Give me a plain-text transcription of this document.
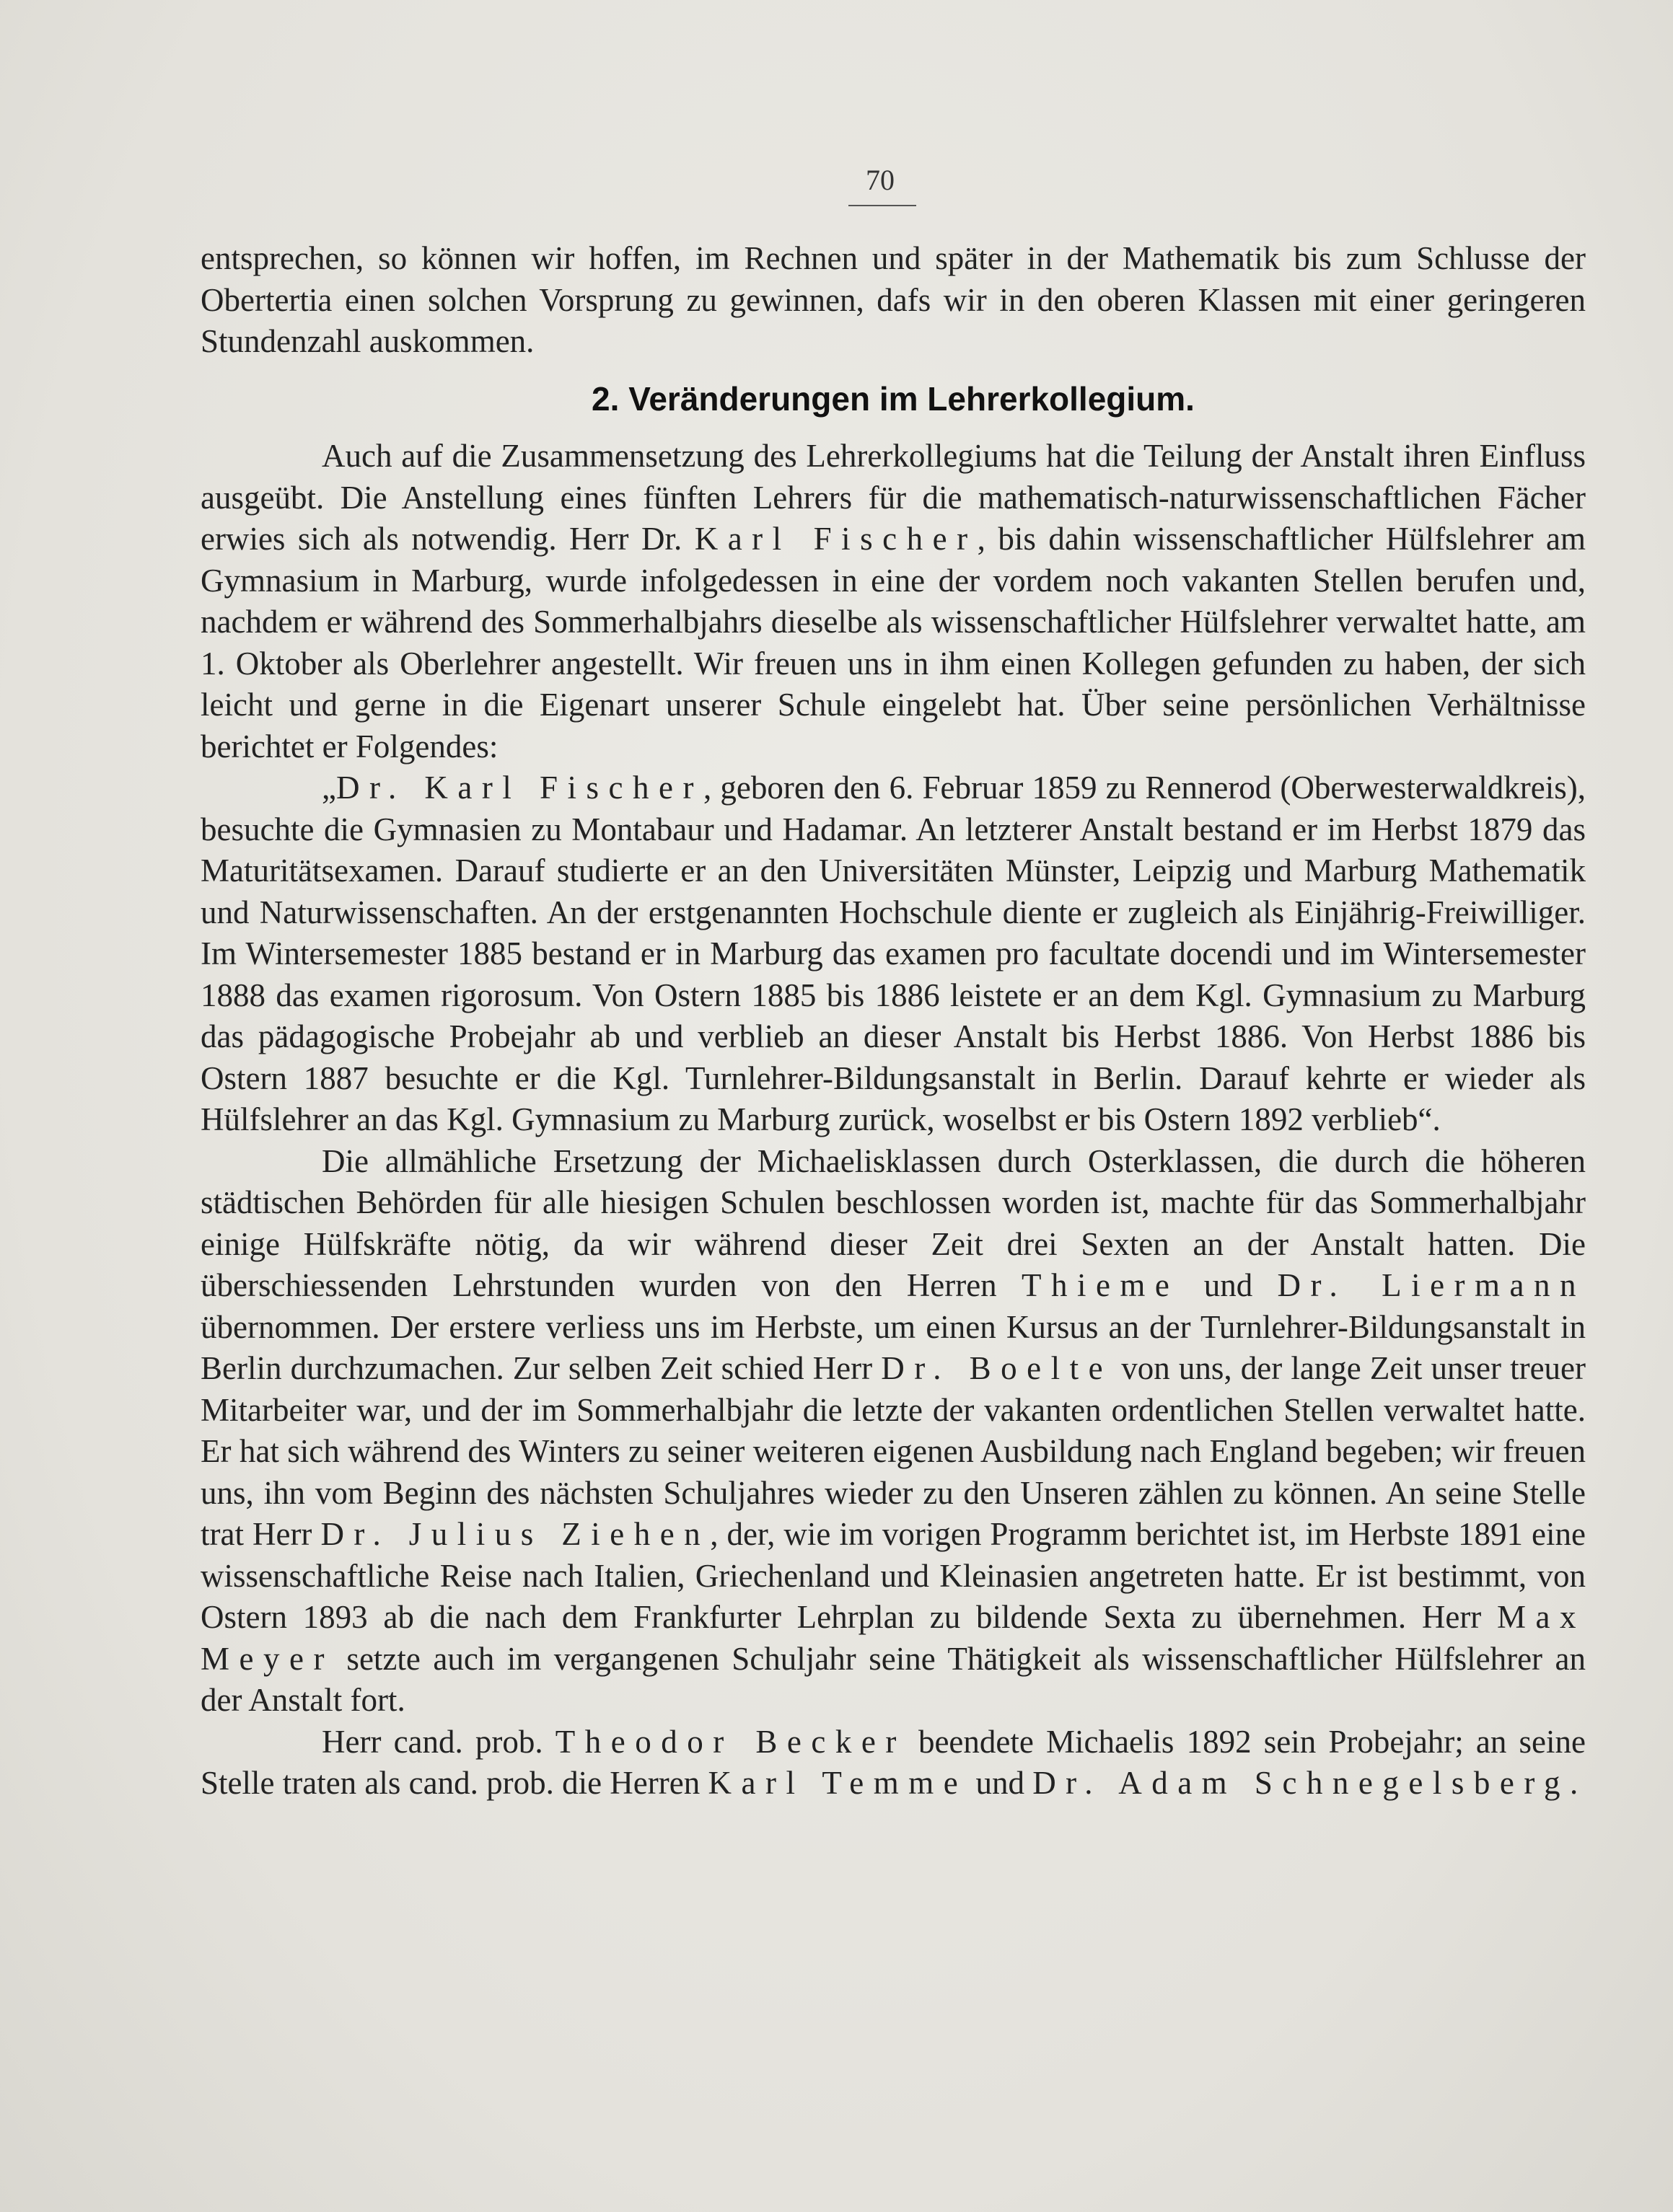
70

entsprechen, so können wir hoffen, im Rechnen und später in der Mathematik bis zum Schlusse der Obertertia einen solchen Vorsprung zu gewinnen, dafs wir in den oberen Klassen mit einer geringeren Stundenzahl auskommen.

2. Veränderungen im Lehrerkollegium.

Auch auf die Zusammensetzung des Lehrerkollegiums hat die Teilung der Anstalt ihren Einfluss ausgeübt. Die Anstellung eines fünften Lehrers für die mathematisch-naturwissenschaftlichen Fächer erwies sich als notwendig. Herr Dr. Karl Fischer, bis dahin wissenschaftlicher Hülfslehrer am Gymnasium in Marburg, wurde infolgedessen in eine der vordem noch vakanten Stellen berufen und, nachdem er während des Sommerhalbjahrs dieselbe als wissenschaftlicher Hülfslehrer verwaltet hatte, am 1. Oktober als Oberlehrer angestellt. Wir freuen uns in ihm einen Kollegen gefunden zu haben, der sich leicht und gerne in die Eigenart unserer Schule eingelebt hat. Über seine persönlichen Verhältnisse berichtet er Folgendes:

„Dr. Karl Fischer, geboren den 6. Februar 1859 zu Rennerod (Oberwesterwaldkreis), besuchte die Gymnasien zu Montabaur und Hadamar. An letzterer Anstalt bestand er im Herbst 1879 das Maturitätsexamen. Darauf studierte er an den Universitäten Münster, Leipzig und Marburg Mathematik und Naturwissenschaften. An der erstgenannten Hochschule diente er zugleich als Einjährig-Freiwilliger. Im Wintersemester 1885 bestand er in Marburg das examen pro facultate docendi und im Wintersemester 1888 das examen rigorosum. Von Ostern 1885 bis 1886 leistete er an dem Kgl. Gymnasium zu Marburg das pädagogische Probejahr ab und verblieb an dieser Anstalt bis Herbst 1886. Von Herbst 1886 bis Ostern 1887 besuchte er die Kgl. Turnlehrer-Bildungsanstalt in Berlin. Darauf kehrte er wieder als Hülfslehrer an das Kgl. Gymnasium zu Marburg zurück, woselbst er bis Ostern 1892 verblieb“.

Die allmähliche Ersetzung der Michaelisklassen durch Osterklassen, die durch die höheren städtischen Behörden für alle hiesigen Schulen beschlossen worden ist, machte für das Sommerhalbjahr einige Hülfskräfte nötig, da wir während dieser Zeit drei Sexten an der Anstalt hatten. Die überschiessenden Lehrstunden wurden von den Herren Thieme und Dr. Liermann übernommen. Der erstere verliess uns im Herbste, um einen Kursus an der Turnlehrer-Bildungsanstalt in Berlin durchzumachen. Zur selben Zeit schied Herr Dr. Boelte von uns, der lange Zeit unser treuer Mitarbeiter war, und der im Sommerhalbjahr die letzte der vakanten ordentlichen Stellen verwaltet hatte. Er hat sich während des Winters zu seiner weiteren eigenen Ausbildung nach England begeben; wir freuen uns, ihn vom Beginn des nächsten Schuljahres wieder zu den Unseren zählen zu können. An seine Stelle trat Herr Dr. Julius Ziehen, der, wie im vorigen Programm berichtet ist, im Herbste 1891 eine wissenschaftliche Reise nach Italien, Griechenland und Kleinasien angetreten hatte. Er ist bestimmt, von Ostern 1893 ab die nach dem Frankfurter Lehrplan zu bildende Sexta zu übernehmen. Herr Max Meyer setzte auch im vergangenen Schuljahr seine Thätigkeit als wissenschaftlicher Hülfslehrer an der Anstalt fort.

Herr cand. prob. Theodor Becker beendete Michaelis 1892 sein Probejahr; an seine Stelle traten als cand. prob. die Herren Karl Temme und Dr. Adam Schnegelsberg.
